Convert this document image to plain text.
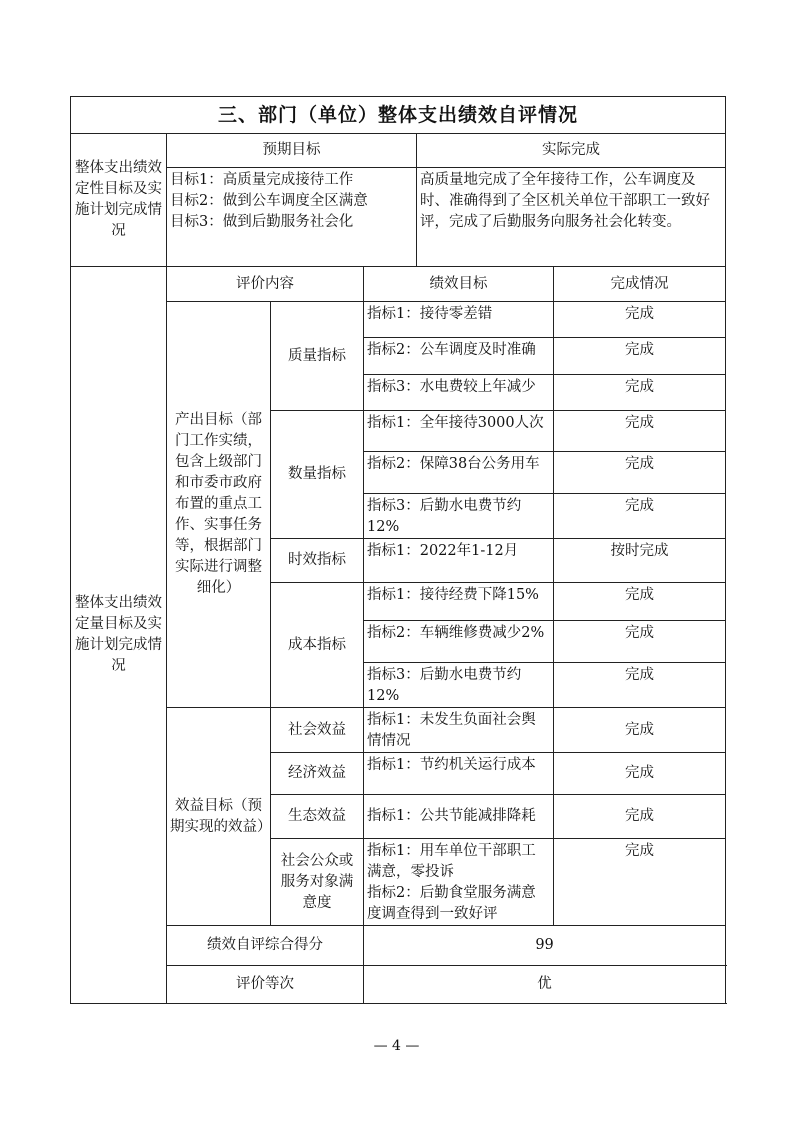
三、部门（单位）整体支出绩效自评情况					
整体支出绩效定性目标及实施计划完成情况	预期目标			实际完成	

	目标1：高质量完成接待工作
目标2：做到公车调度全区满意
目标3：做到后勤服务社会化			高质量地完成了全年接待工作，公车调度及时、准确得到了全区机关单位干部职工一致好评，完成了后勤服务向服务社会化转变。	
整体支出绩效定量目标及实施计划完成情况	评价内容		绩效目标		完成情况
	产出目标（部门工作实绩，包含上级部门和市委市政府布置的重点工作、实事任务等，根据部门实际进行调整细化）	质量指标	指标1：接待零差错		完成
			指标2：公车调度及时准确		完成
			指标3：水电费较上年减少		完成
		数量指标	指标1：全年接待3000人次		完成
			指标2：保障38台公务用车		完成
			指标3：后勤水电费节约12%		完成
		时效指标	指标1：2022年1-12月		按时完成
		成本指标	指标1：接待经费下降15%		完成
			指标2：车辆维修费减少2%		完成
			指标3：后勤水电费节约12%		完成
	效益目标（预期实现的效益）	社会效益	指标1：未发生负面社会舆情情况		完成
		经济效益	指标1：节约机关运行成本		完成
		生态效益	指标1：公共节能减排降耗		完成
		社会公众或服务对象满意度	指标1：用车单位干部职工满意，零投诉
指标2：后勤食堂服务满意度调查得到一致好评		完成
	绩效自评综合得分		99		
	评价等次		优		
— 4 —
